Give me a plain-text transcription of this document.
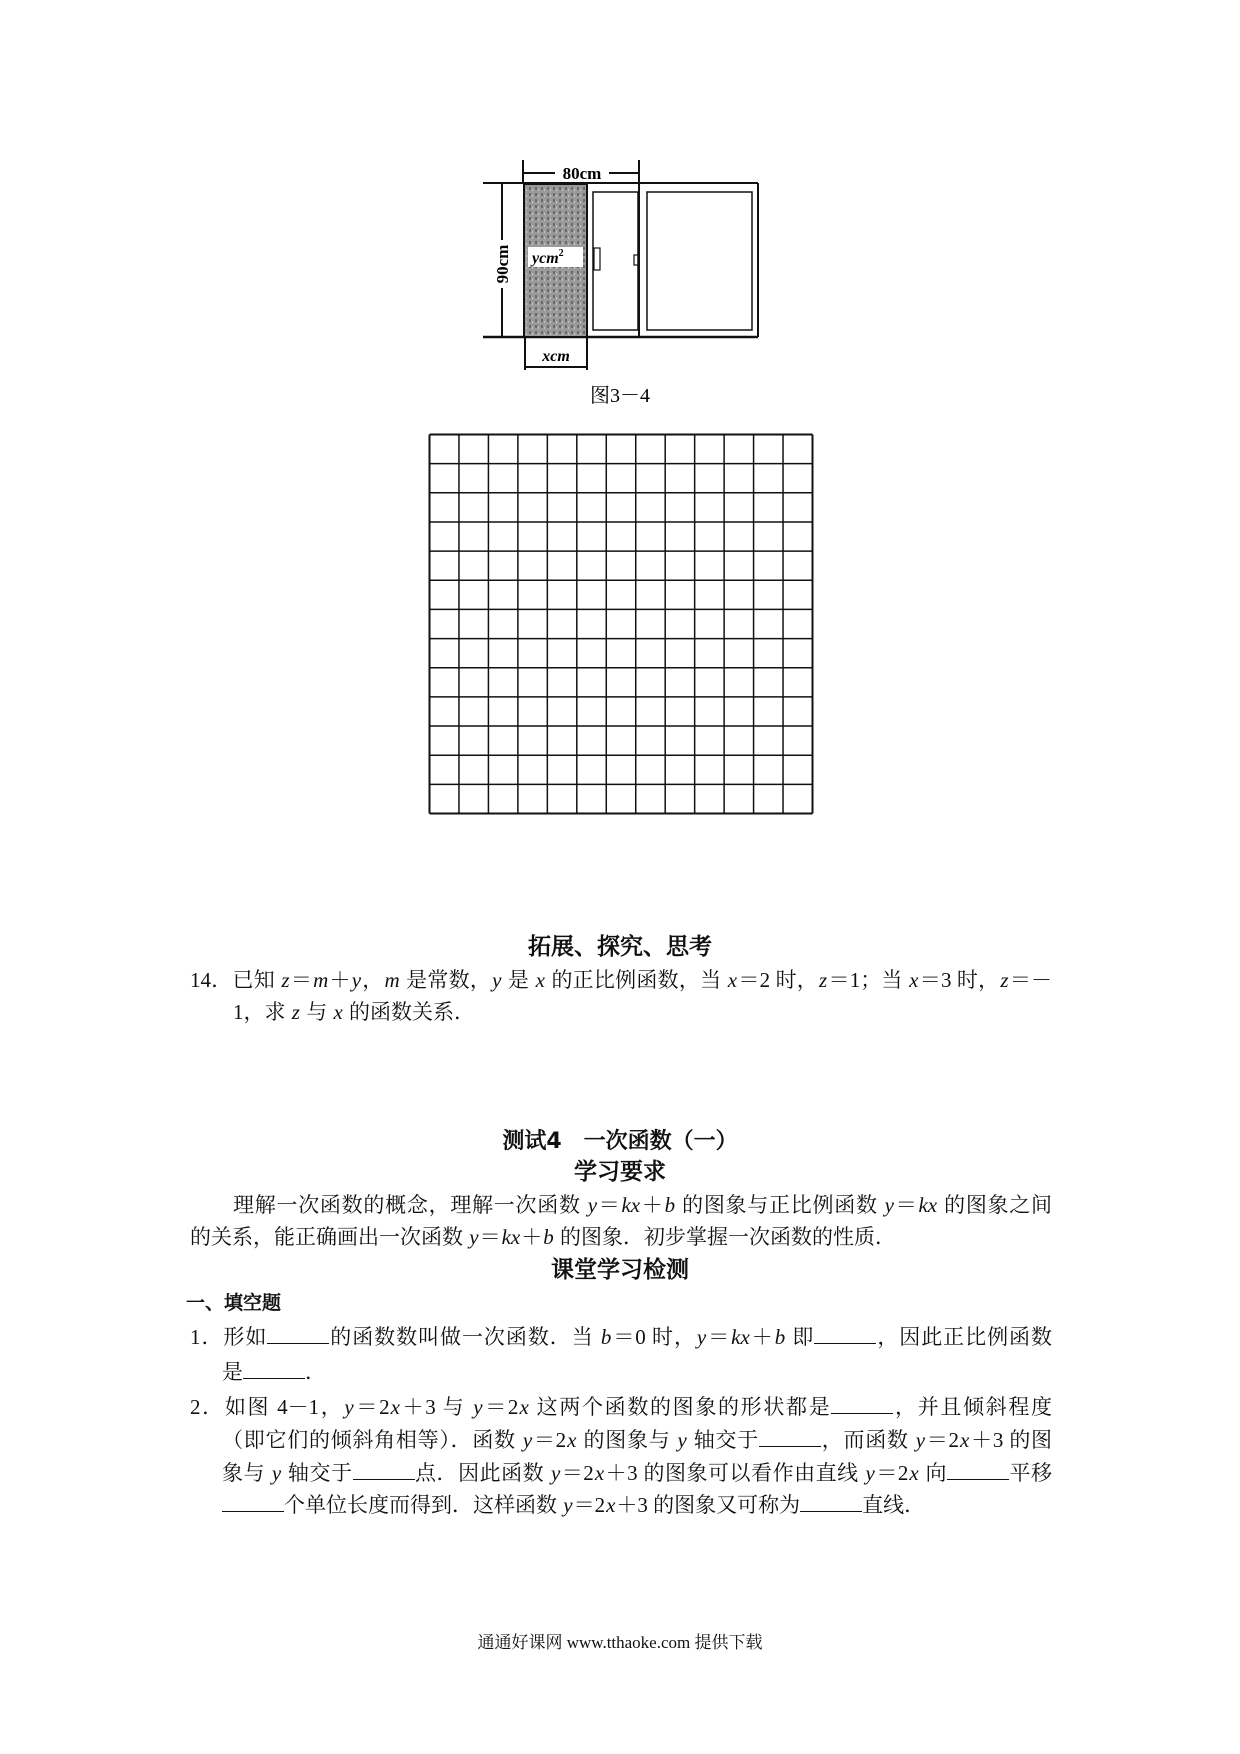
80cm
90cm ycm$^2$
xcm
图3－4
拓展、探究、思考
14．已知 z＝m＋y，m 是常数，y 是 x 的正比例函数，当 x＝2 时，z＝1；当 x＝3 时，z＝－
1，求 z 与 x 的函数关系．
测试4　一次函数（一）
学习要求
理解一次函数的概念，理解一次函数 y＝kx＋b 的图象与正比例函数 y＝kx 的图象之间
的关系，能正确画出一次函数 y＝kx＋b 的图象．初步掌握一次函数的性质．
课堂学习检测
一、填空题
1．形如	的函数数叫做一次函数．当 b＝0 时，y＝kx＋b 即	，因此正比例函数
是	．
2．如图 4－1，y＝2x＋3 与 y＝2x 这两个函数的图象的形状都是	，并且倾斜程度
（即它们的倾斜角相等）．函数 y＝2x 的图象与 y 轴交于	，而函数 y＝2x＋3 的图
象与 y 轴交于	点．因此函数 y＝2x＋3 的图象可以看作由直线 y＝2x 向	平移
个单位长度而得到．这样函数 y＝2x＋3 的图象又可称为	直线．
通通好课网 www.tthaoke.com 提供下载
